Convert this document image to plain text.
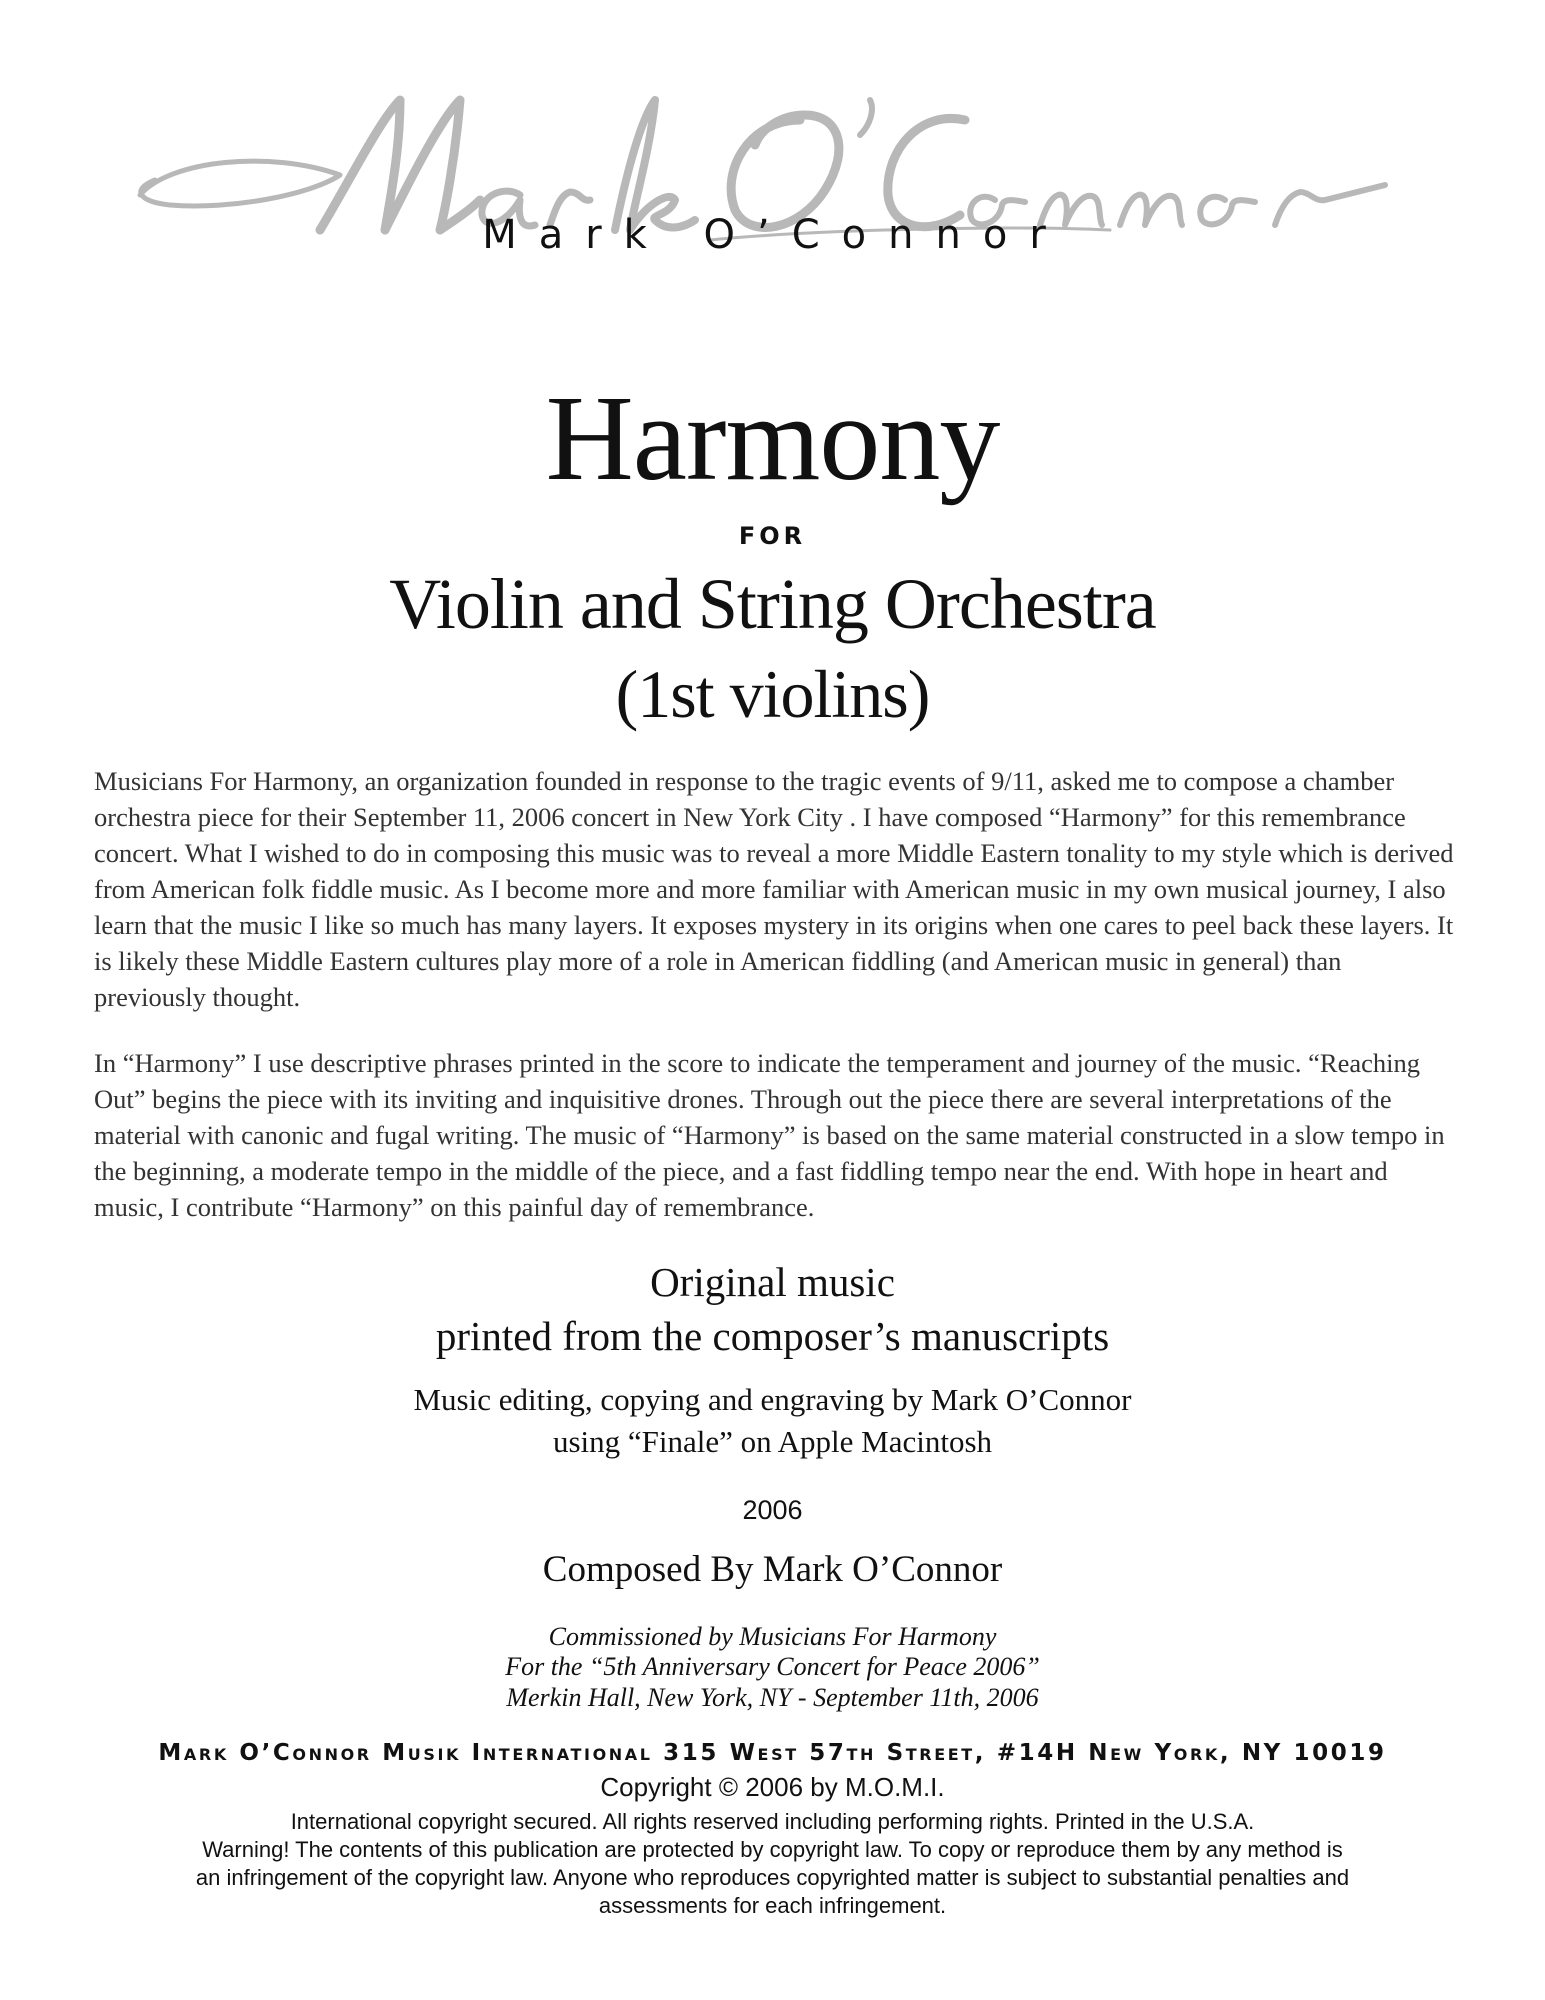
Mark O’Connor
Harmony
FOR
Violin and String Orchestra
(1st violins)

Musicians For Harmony, an organization founded in response to the tragic events of 9/11, asked me to compose a chamber orchestra piece for their September 11, 2006 concert in New York City . I have composed “Harmony” for this remembrance concert. What I wished to do in composing this music was to reveal a more Middle Eastern tonality to my style which is derived from American folk fiddle music. As I become more and more familiar with American music in my own musical journey, I also learn that the music I like so much has many layers. It exposes mystery in its origins when one cares to peel back these layers. It is likely these Middle Eastern cultures play more of a role in American fiddling (and American music in general) than previously thought.

In “Harmony” I use descriptive phrases printed in the score to indicate the temperament and journey of the music. “Reaching Out” begins the piece with its inviting and inquisitive drones. Through out the piece there are several interpretations of the material with canonic and fugal writing. The music of “Harmony” is based on the same material constructed in a slow tempo in the beginning, a moderate tempo in the middle of the piece, and a fast fiddling tempo near the end. With hope in heart and music, I contribute “Harmony” on this painful day of remembrance.

Original music
printed from the composer’s manuscripts
Music editing, copying and engraving by Mark O’Connor
using “Finale” on Apple Macintosh
2006
Composed By Mark O’Connor
Commissioned by Musicians For Harmony
For the “5th Anniversary Concert for Peace 2006”
Merkin Hall, New York, NY - September 11th, 2006
Mark O’Connor Musik International 315 West 57th Street, #14H New York, NY 10019
Copyright © 2006 by M.O.M.I.
International copyright secured. All rights reserved including performing rights. Printed in the U.S.A.
Warning! The contents of this publication are protected by copyright law. To copy or reproduce them by any method is
an infringement of the copyright law. Anyone who reproduces copyrighted matter is subject to substantial penalties and
assessments for each infringement.
